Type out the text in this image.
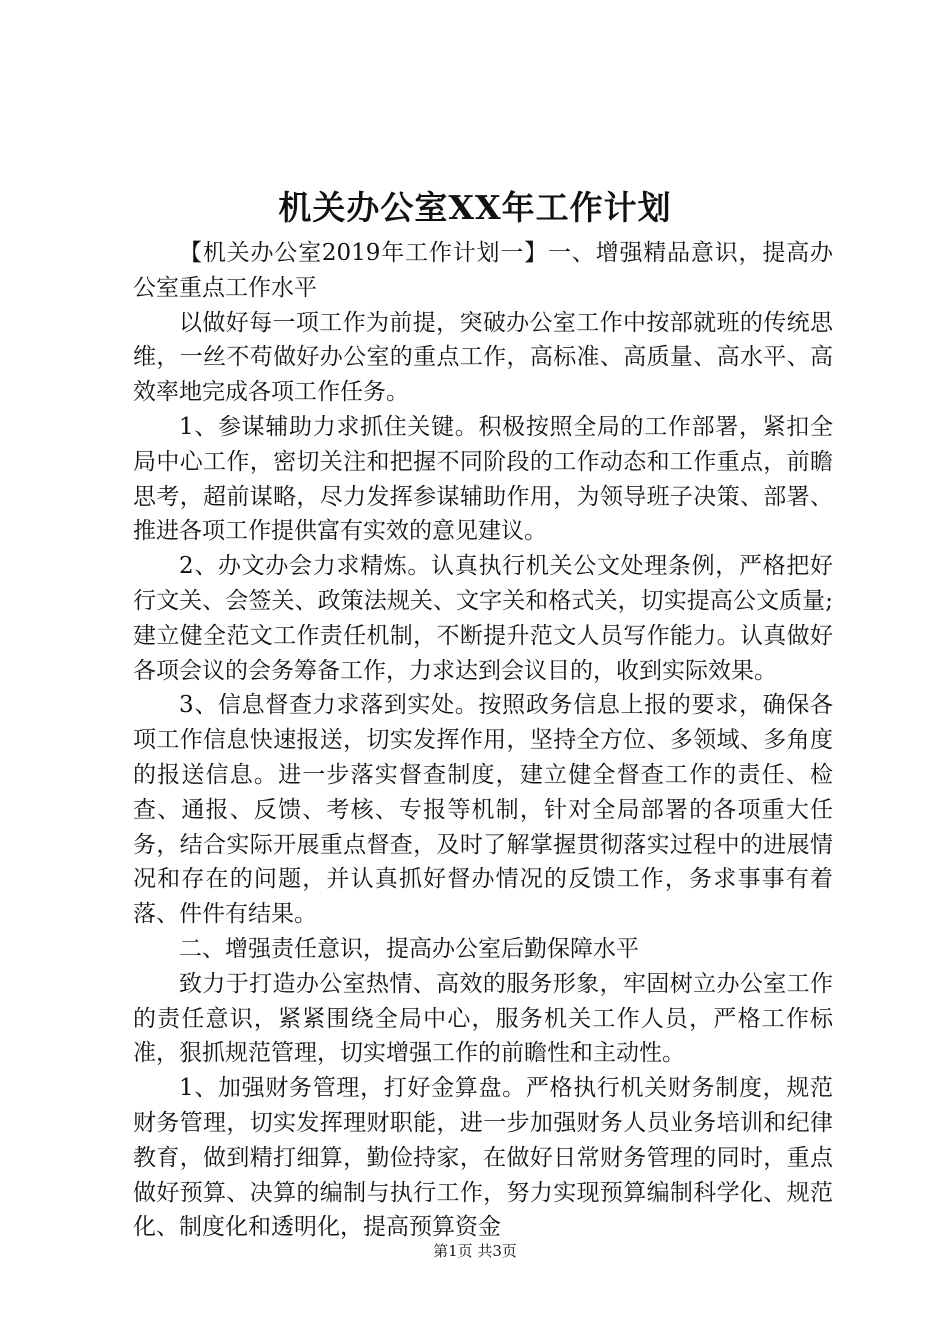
机关办公室XX年工作计划

【机关办公室2019年工作计划一】一、增强精品意识，提高办公室重点工作水平

以做好每一项工作为前提，突破办公室工作中按部就班的传统思维，一丝不苟做好办公室的重点工作，高标准、高质量、高水平、高效率地完成各项工作任务。

1、参谋辅助力求抓住关键。积极按照全局的工作部署，紧扣全局中心工作，密切关注和把握不同阶段的工作动态和工作重点，前瞻思考，超前谋略，尽力发挥参谋辅助作用，为领导班子决策、部署、推进各项工作提供富有实效的意见建议。

2、办文办会力求精炼。认真执行机关公文处理条例，严格把好行文关、会签关、政策法规关、文字关和格式关，切实提高公文质量;建立健全范文工作责任机制，不断提升范文人员写作能力。认真做好各项会议的会务筹备工作，力求达到会议目的，收到实际效果。

3、信息督查力求落到实处。按照政务信息上报的要求，确保各项工作信息快速报送，切实发挥作用，坚持全方位、多领域、多角度的报送信息。进一步落实督查制度，建立健全督查工作的责任、检查、通报、反馈、考核、专报等机制，针对全局部署的各项重大任务，结合实际开展重点督查，及时了解掌握贯彻落实过程中的进展情况和存在的问题，并认真抓好督办情况的反馈工作，务求事事有着落、件件有结果。

二、增强责任意识，提高办公室后勤保障水平

致力于打造办公室热情、高效的服务形象，牢固树立办公室工作的责任意识，紧紧围绕全局中心，服务机关工作人员，严格工作标准，狠抓规范管理，切实增强工作的前瞻性和主动性。

1、加强财务管理，打好金算盘。严格执行机关财务制度，规范财务管理，切实发挥理财职能，进一步加强财务人员业务培训和纪律教育，做到精打细算，勤俭持家，在做好日常财务管理的同时，重点做好预算、决算的编制与执行工作，努力实现预算编制科学化、规范化、制度化和透明化，提高预算资金

第1页 共3页
